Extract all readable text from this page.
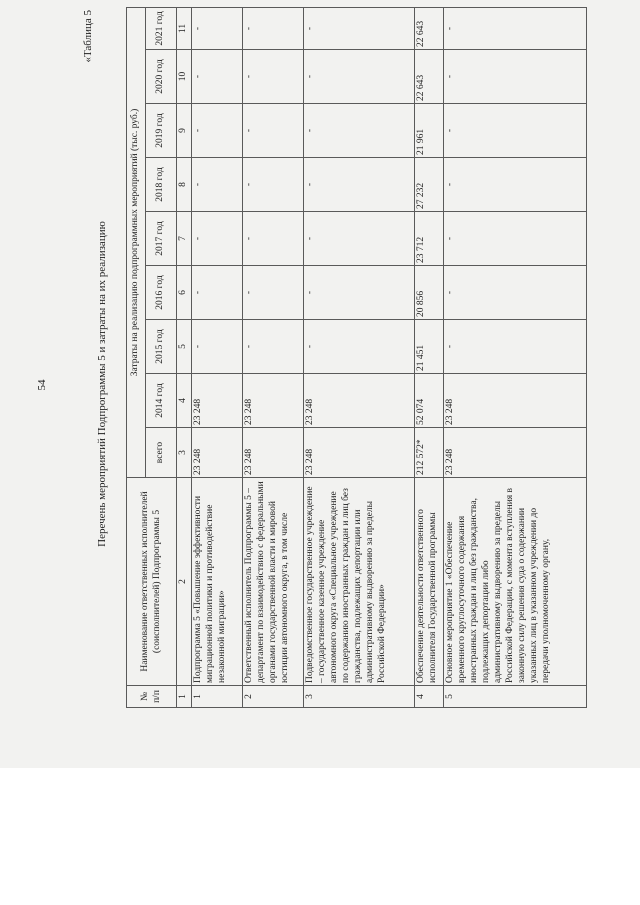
54
«Таблица 5
Перечень мероприятий Подпрограммы 5 и затраты на их реализацию
№ п/п	Наименование ответственных исполнителей (соисполнителей) Подпрограммы 5	Затраты на реализацию подпрограммных мероприятий (тыс. руб.)								
		всего	2014 год	2015 год	2016 год	2017 год	2018 год	2019 год	2020 год	2021 год
1	2	3	4	5	6	7	8	9	10	11
1	Подпрограмма 5 «Повышение эффективности миграционной политики и противодействие незаконной миграции»	23 248	23 248	-	-	-	-	-	-	-
2	Ответственный исполнитель Подпрограммы 5 – департамент по взаимодействию с федеральными органами государственной власти и мировой юстиции автономного округа, в том числе	23 248	23 248	-	-	-	-	-	-	-
3	Подведомственное государственное учреждение – государственное казенное учреждение автономного округа «Специальное учреждение по содержанию иностранных граждан и лиц без гражданства, подлежащих депортации или административному выдворению за пределы Российской Федерации»	23 248	23 248	-	-	-	-	-	-	-
4	Обеспечение деятельности ответственного исполнителя Государственной программы	212 572*	52 074	21 451	20 856	23 712	27 232	21 961	22 643	22 643
5	Основное мероприятие 1 «Обеспечение временного круглосуточного содержания иностранных граждан и лиц без гражданства, подлежащих депортации либо административному выдворению за пределы Российской Федерации, с момента вступления в законную силу решения суда о содержании указанных лиц в указанном учреждении до передачи уполномоченному органу,	23 248	23 248	-	-	-	-	-	-	-
